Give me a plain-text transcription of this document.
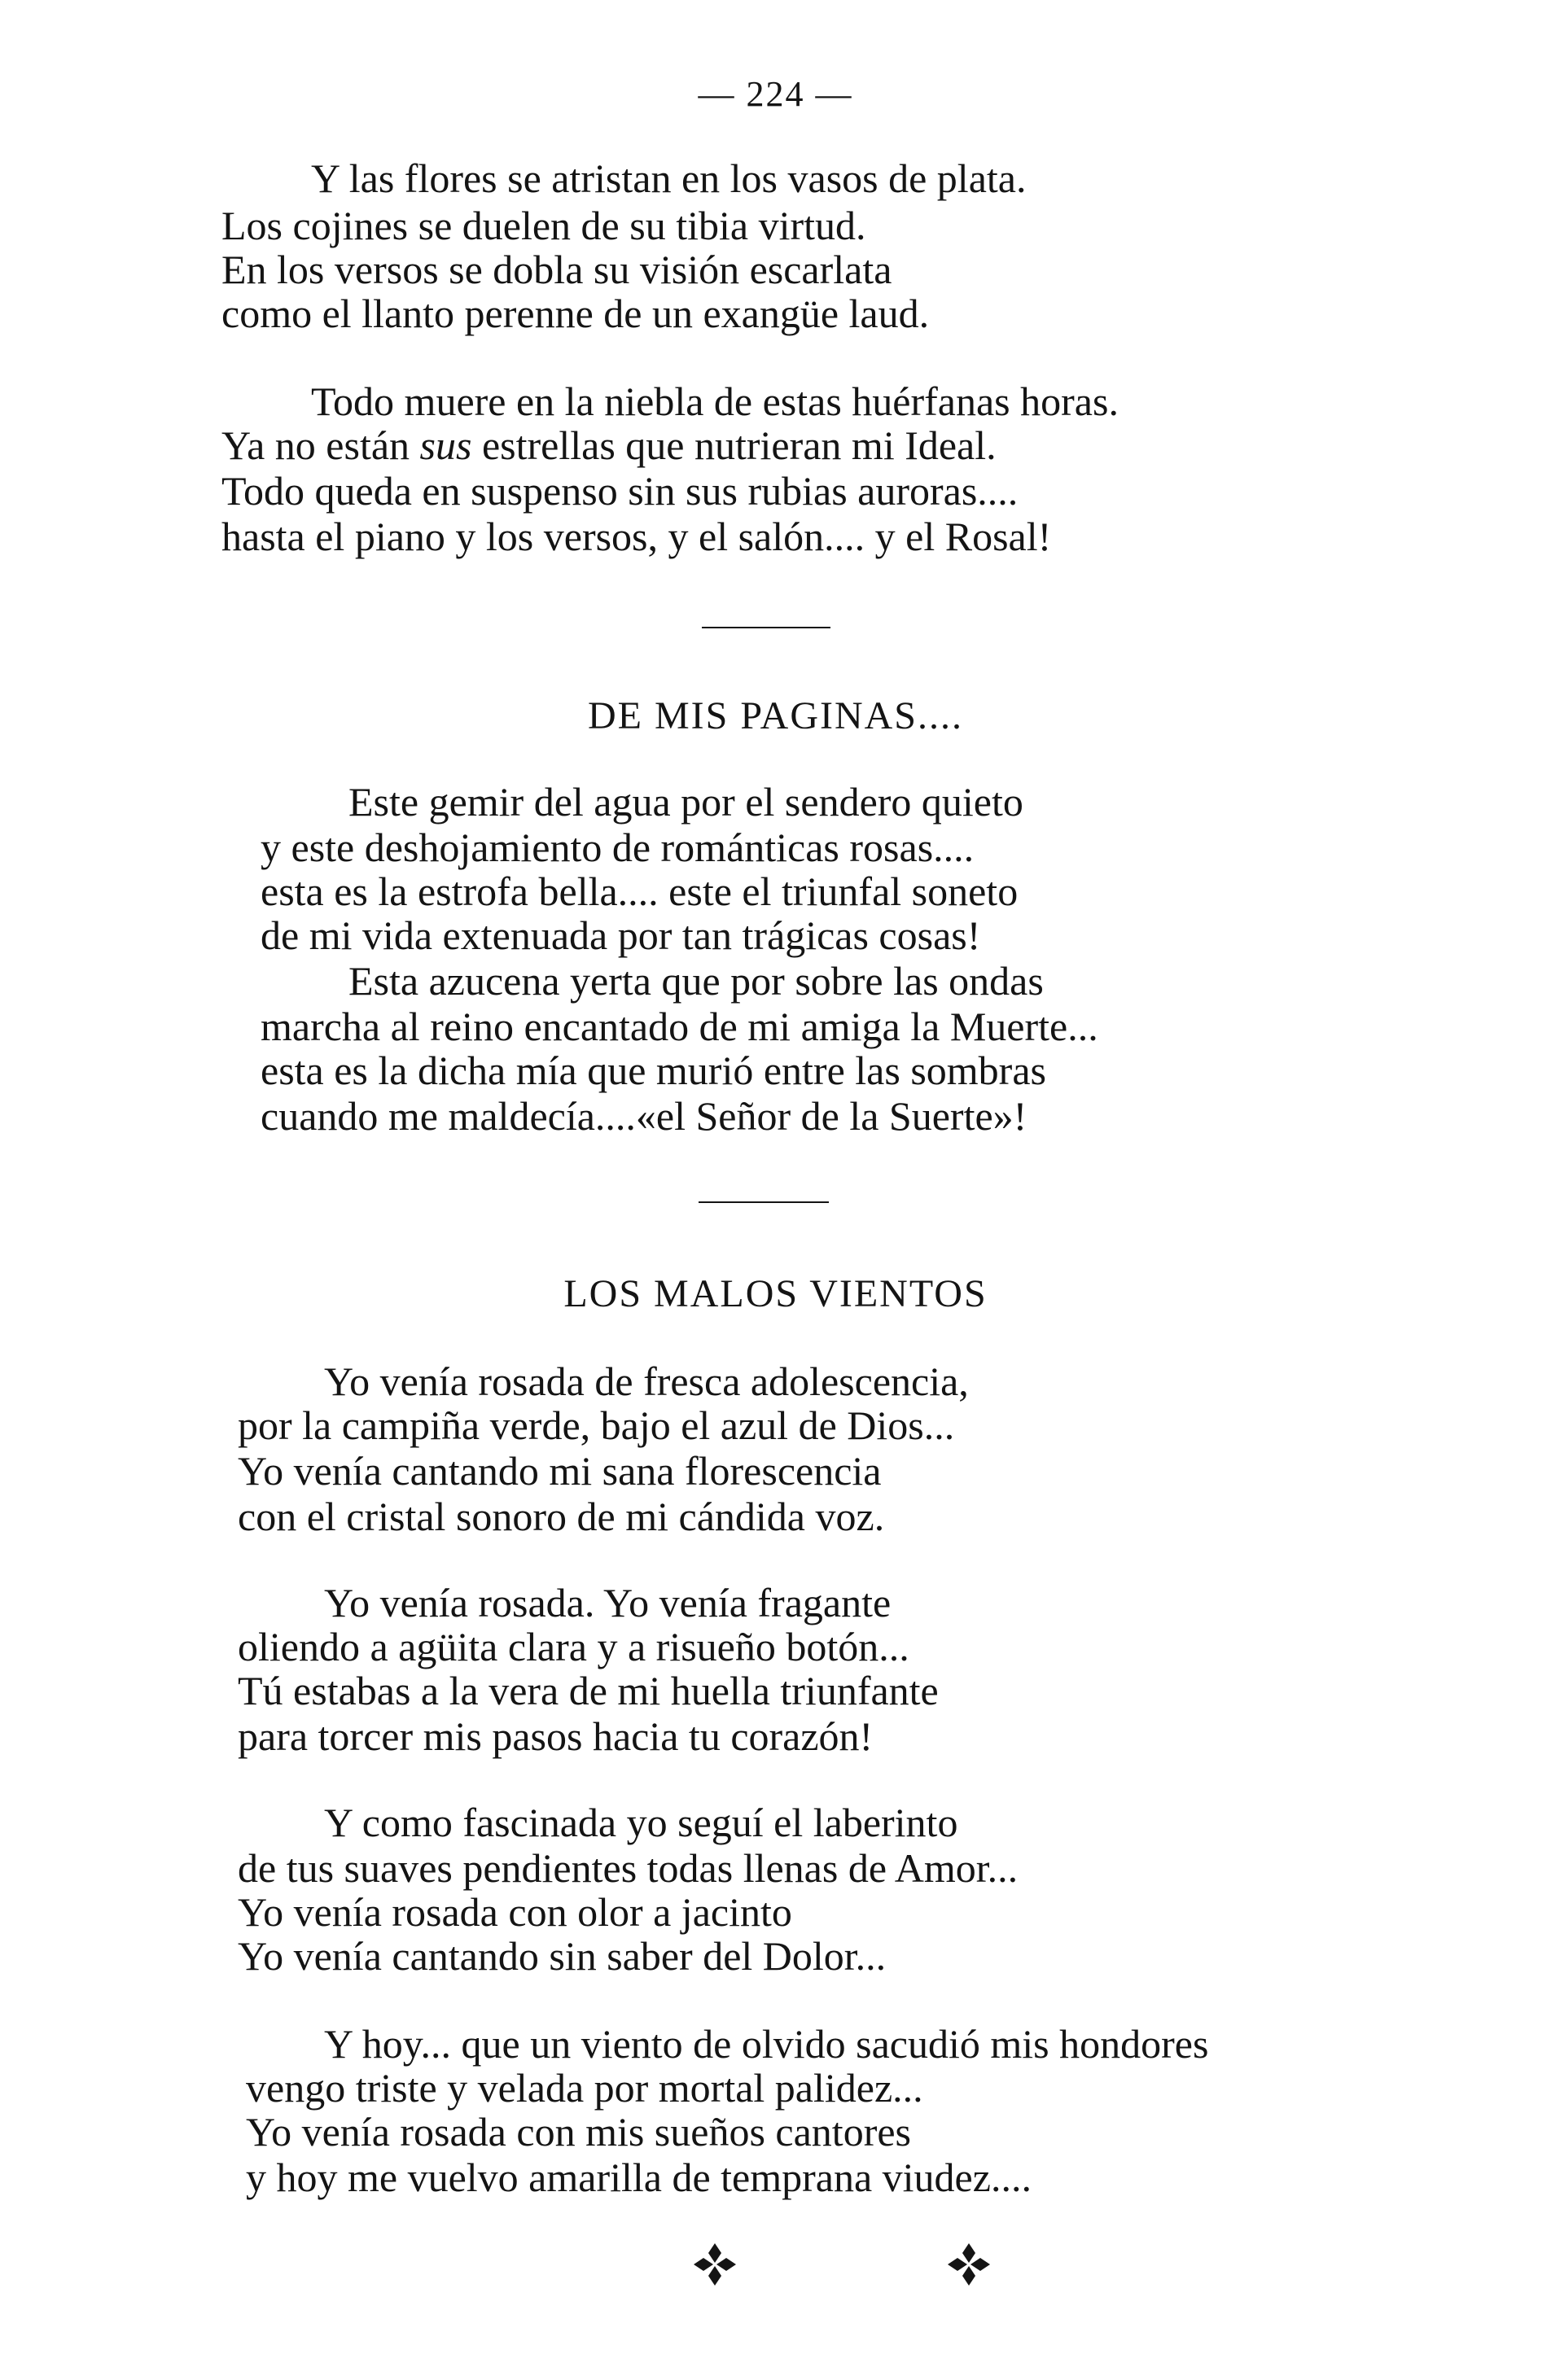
— 224 —
Y las flores se atristan en los vasos de plata.
Los cojines se duelen de su tibia virtud.
En los versos se dobla su visión escarlata
como el llanto perenne de un exangüe laud.
Todo muere en la niebla de estas huérfanas horas.
Ya no están sus estrellas que nutrieran mi Ideal.
Todo queda en suspenso sin sus rubias auroras....
hasta el piano y los versos, y el salón.... y el Rosal!
DE MIS PAGINAS....
Este gemir del agua por el sendero quieto
y este deshojamiento de románticas rosas....
esta es la estrofa bella.... este el triunfal soneto
de mi vida extenuada por tan trágicas cosas!
Esta azucena yerta que por sobre las ondas
marcha al reino encantado de mi amiga la Muerte...
esta es la dicha mía que murió entre las sombras
cuando me maldecía....«el Señor de la Suerte»!
LOS MALOS VIENTOS
Yo venía rosada de fresca adolescencia,
por la campiña verde, bajo el azul de Dios...
Yo venía cantando mi sana florescencia
con el cristal sonoro de mi cándida voz.
Yo venía rosada. Yo venía fragante
oliendo a agüita clara y a risueño botón...
Tú estabas a la vera de mi huella triunfante
para torcer mis pasos hacia tu corazón!
Y como fascinada yo seguí el laberinto
de tus suaves pendientes todas llenas de Amor...
Yo venía rosada con olor a jacinto
Yo venía cantando sin saber del Dolor...
Y hoy... que un viento de olvido sacudió mis hondores
vengo triste y velada por mortal palidez...
Yo venía rosada con mis sueños cantores
y hoy me vuelvo amarilla de temprana viudez....
